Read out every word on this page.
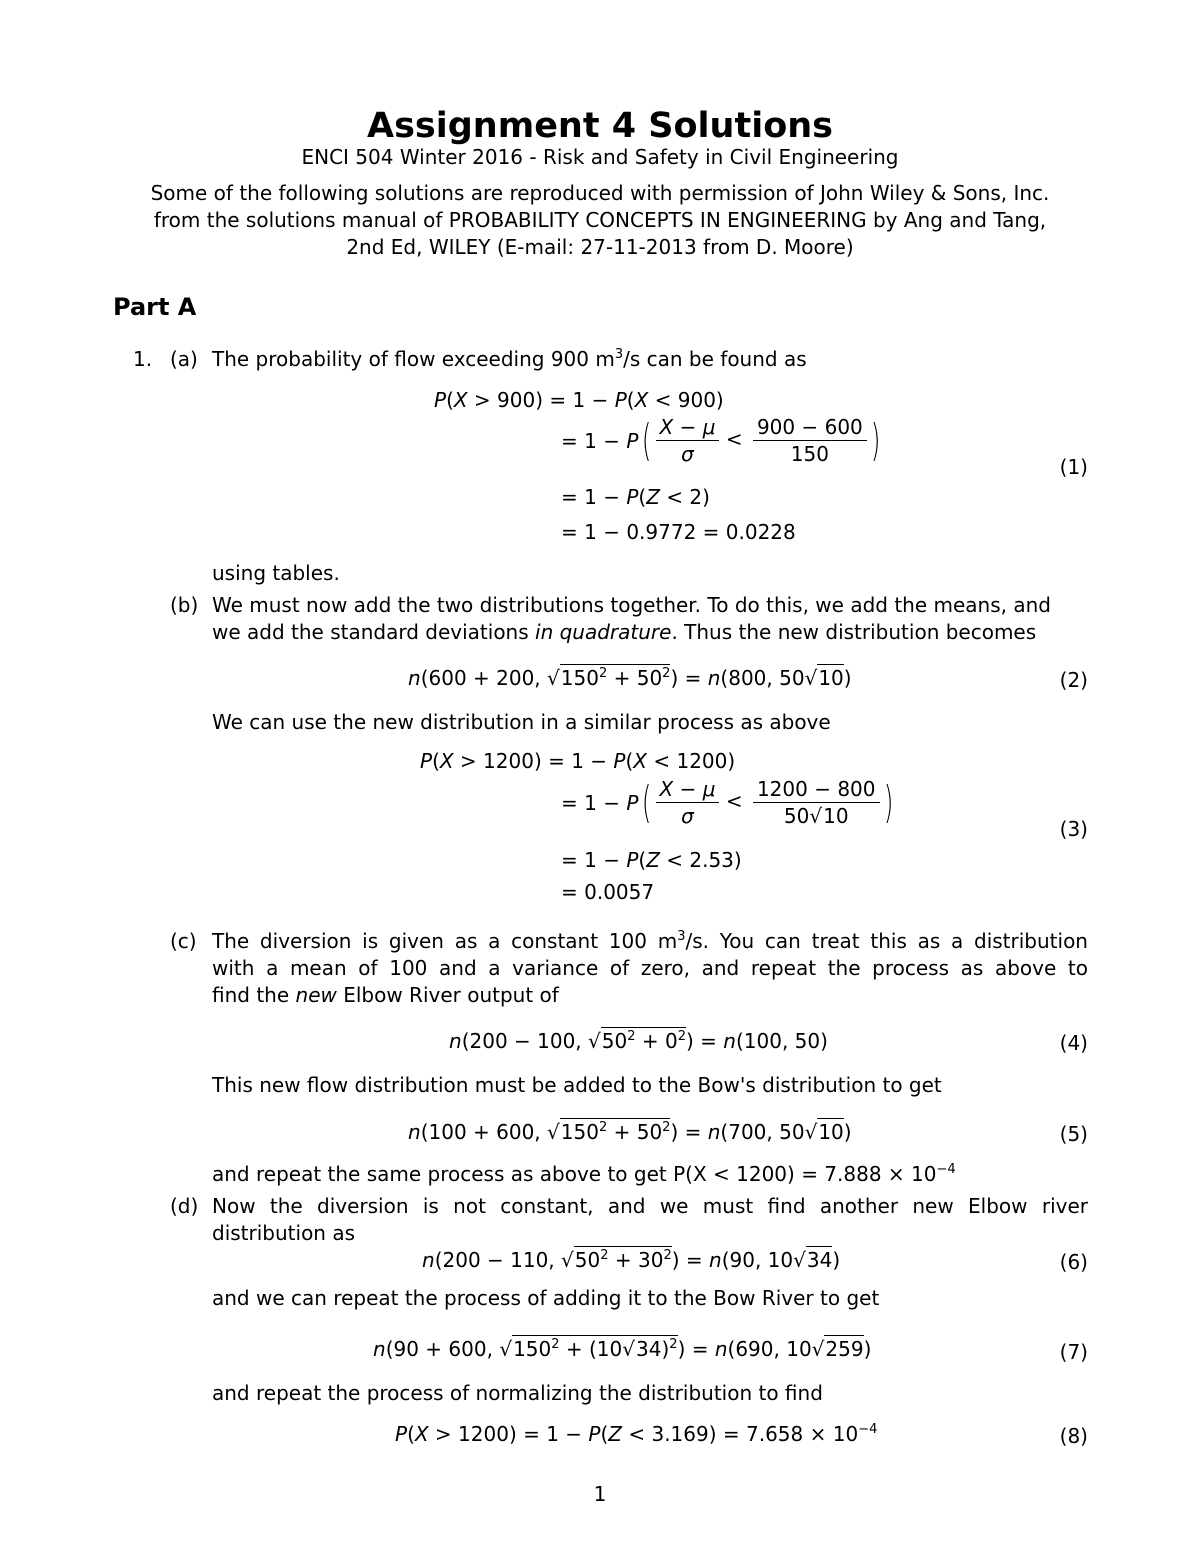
Assignment 4 Solutions
ENCI 504 Winter 2016 - Risk and Safety in Civil Engineering
Some of the following solutions are reproduced with permission of John Wiley & Sons, Inc.
from the solutions manual of PROBABILITY CONCEPTS IN ENGINEERING by Ang and Tang,
2nd Ed, WILEY (E-mail: 27-11-2013 from D. Moore)
Part A
1. (a) The probability of flow exceeding 900 $m^3/s$ can be found as
P(X > 900) = 1 − P(X < 900)
= $1 - P( \frac{X - \mu}{\sigma} < \frac{900 - 600}{150}$ )
(1)
= 1 − P(Z < 2)
= 1 − 0.9772 = 0.0228
using tables.
(b) We must now add the two distributions together. To do this, we add the means, and
we add the standard deviations in quadrature. Thus the new distribution becomes
n(600 + 200, $√150^2 + 50^2) = n(800$, 50√10)	(2)
We can use the new distribution in a similar process as above
P(X > 1200) = 1 − P(X < 1200)
= $1 - P( \frac{X - \mu}{\sigma} < \frac{1200 - 800}{50√10}$ )
(3)
= 1 − P(Z < 2.53)
= 0.0057
(c) The diversion is given as a constant 100 $m^3/s$. You can treat this as a distribution
with a mean of 100 and a variance of zero, and repeat the process as above to
find the new Elbow River output of
n(200 − 100, $√50^2 + 0^2) = n(100$, 50)	(4)
This new flow distribution must be added to the Bow's distribution to get
n(100 + 600, $√150^2 + 50^2) = n(700$, 50√10)	(5)
and repeat the same process as above to get $P(X < 1200) = 7.888 \times 10^{-4}$
(d) Now the diversion is not constant, and we must find another new Elbow river
distribution as
n(200 − 110, $√50^2 + 30^2) = n(90$, 10√34)	(6)
and we can repeat the process of adding it to the Bow River to get
n(90 + 600, $√150^2 + (10√34)^2) = n(690$, 10√259)	(7)
and repeat the process of normalizing the distribution to find
$P(X > 1200) = 1 - P(Z < 3.169) = 7.658 \times 10^{-4}$	(8)
1
